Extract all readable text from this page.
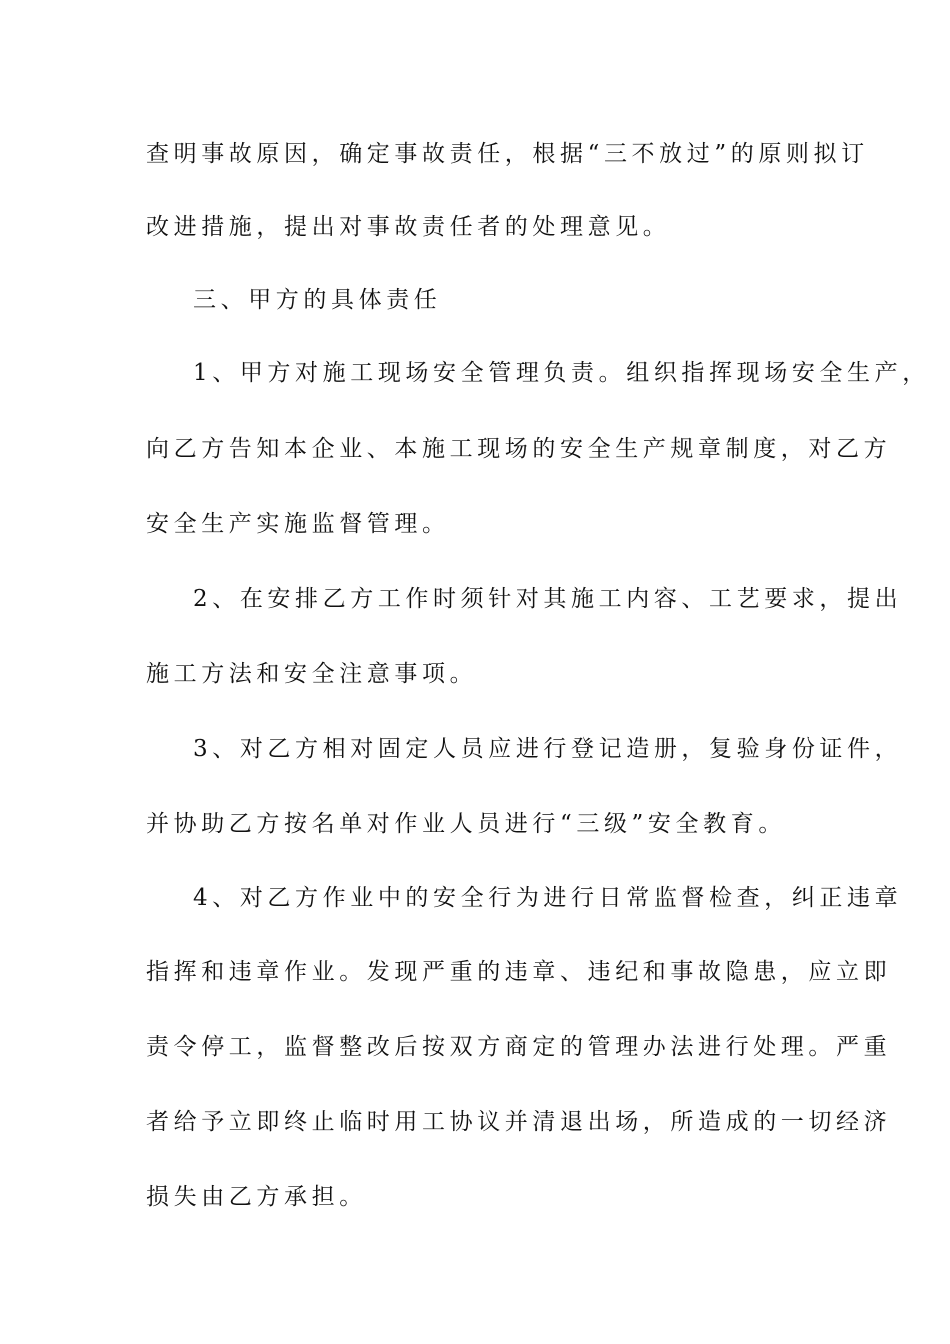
查明事故原因，确定事故责任，根据“三不放过”的原则拟订
改进措施，提出对事故责任者的处理意见。
三、甲方的具体责任
1、甲方对施工现场安全管理负责。组织指挥现场安全生产，
向乙方告知本企业、本施工现场的安全生产规章制度，对乙方
安全生产实施监督管理。
2、在安排乙方工作时须针对其施工内容、工艺要求，提出
施工方法和安全注意事项。
3、对乙方相对固定人员应进行登记造册，复验身份证件，
并协助乙方按名单对作业人员进行“三级”安全教育。
4、对乙方作业中的安全行为进行日常监督检查，纠正违章
指挥和违章作业。发现严重的违章、违纪和事故隐患，应立即
责令停工，监督整改后按双方商定的管理办法进行处理。严重
者给予立即终止临时用工协议并清退出场，所造成的一切经济
损失由乙方承担。
